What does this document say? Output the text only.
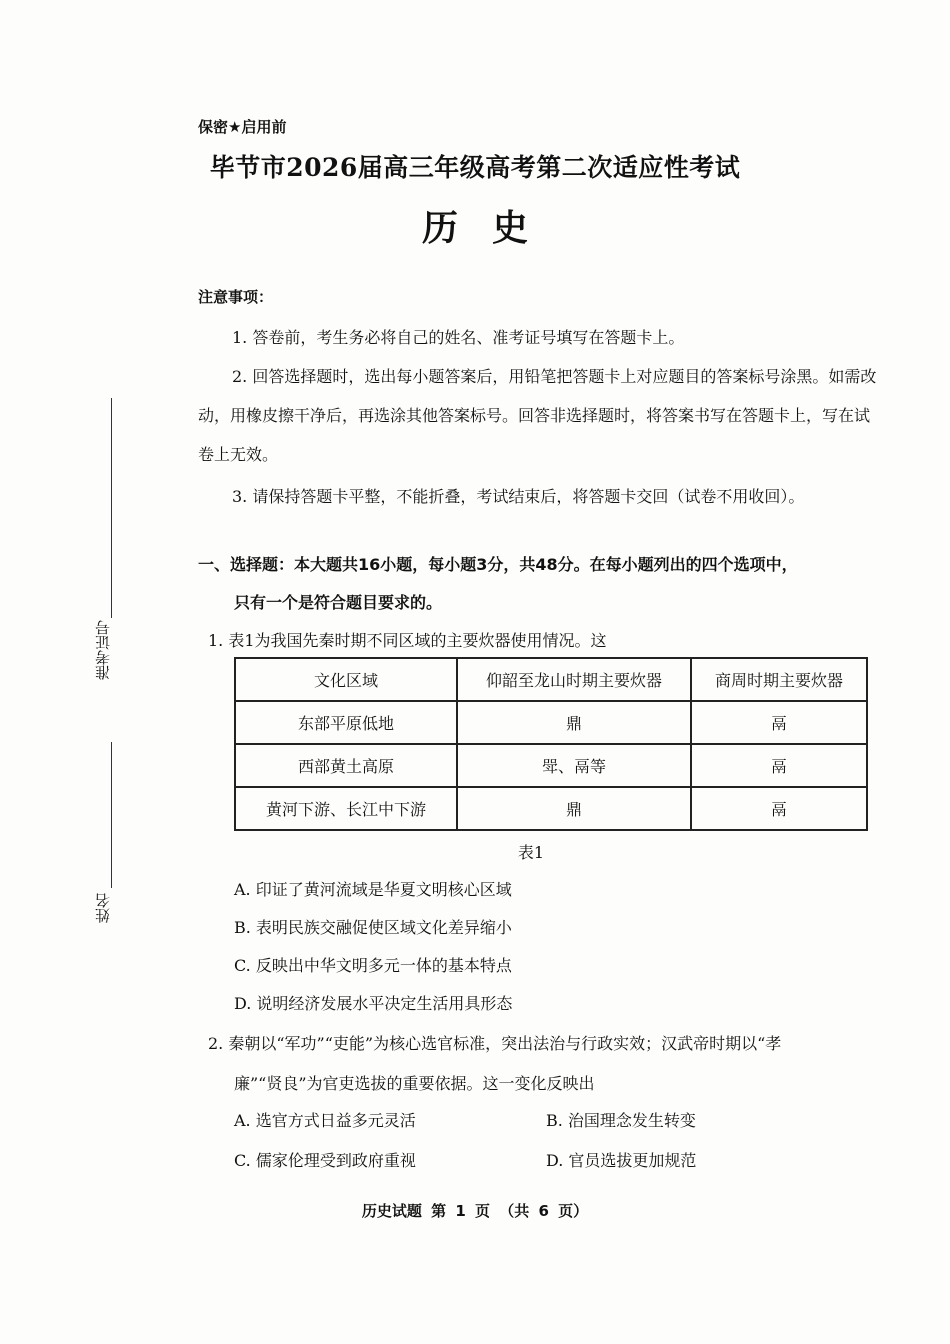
准考证号
姓名
保密★启用前
毕节市2026届高三年级高考第二次适应性考试
历史
注意事项：
1. 答卷前，考生务必将自己的姓名、准考证号填写在答题卡上。
2. 回答选择题时，选出每小题答案后，用铅笔把答题卡上对应题目的答案标号涂黑。如需改动，用橡皮擦干净后，再选涂其他答案标号。回答非选择题时，将答案书写在答题卡上，写在试卷上无效。
3. 请保持答题卡平整，不能折叠，考试结束后，将答题卡交回（试卷不用收回）。
一、选择题：本大题共16小题，每小题3分，共48分。在每小题列出的四个选项中，
只有一个是符合题目要求的。
1. 表1为我国先秦时期不同区域的主要炊器使用情况。这
文化区域	仰韶至龙山时期主要炊器	商周时期主要炊器
东部平原低地	鼎	鬲
西部黄土高原	斝、鬲等	鬲
黄河下游、长江中下游	鼎	鬲
表1
A. 印证了黄河流域是华夏文明核心区域
B. 表明民族交融促使区域文化差异缩小
C. 反映出中华文明多元一体的基本特点
D. 说明经济发展水平决定生活用具形态
2. 秦朝以“军功”“吏能”为核心选官标准，突出法治与行政实效；汉武帝时期以“孝
廉”“贤良”为官吏选拔的重要依据。这一变化反映出
A. 选官方式日益多元灵活	B. 治国理念发生转变
C. 儒家伦理受到政府重视	D. 官员选拔更加规范
历史试题 第 1 页 （共 6 页）
